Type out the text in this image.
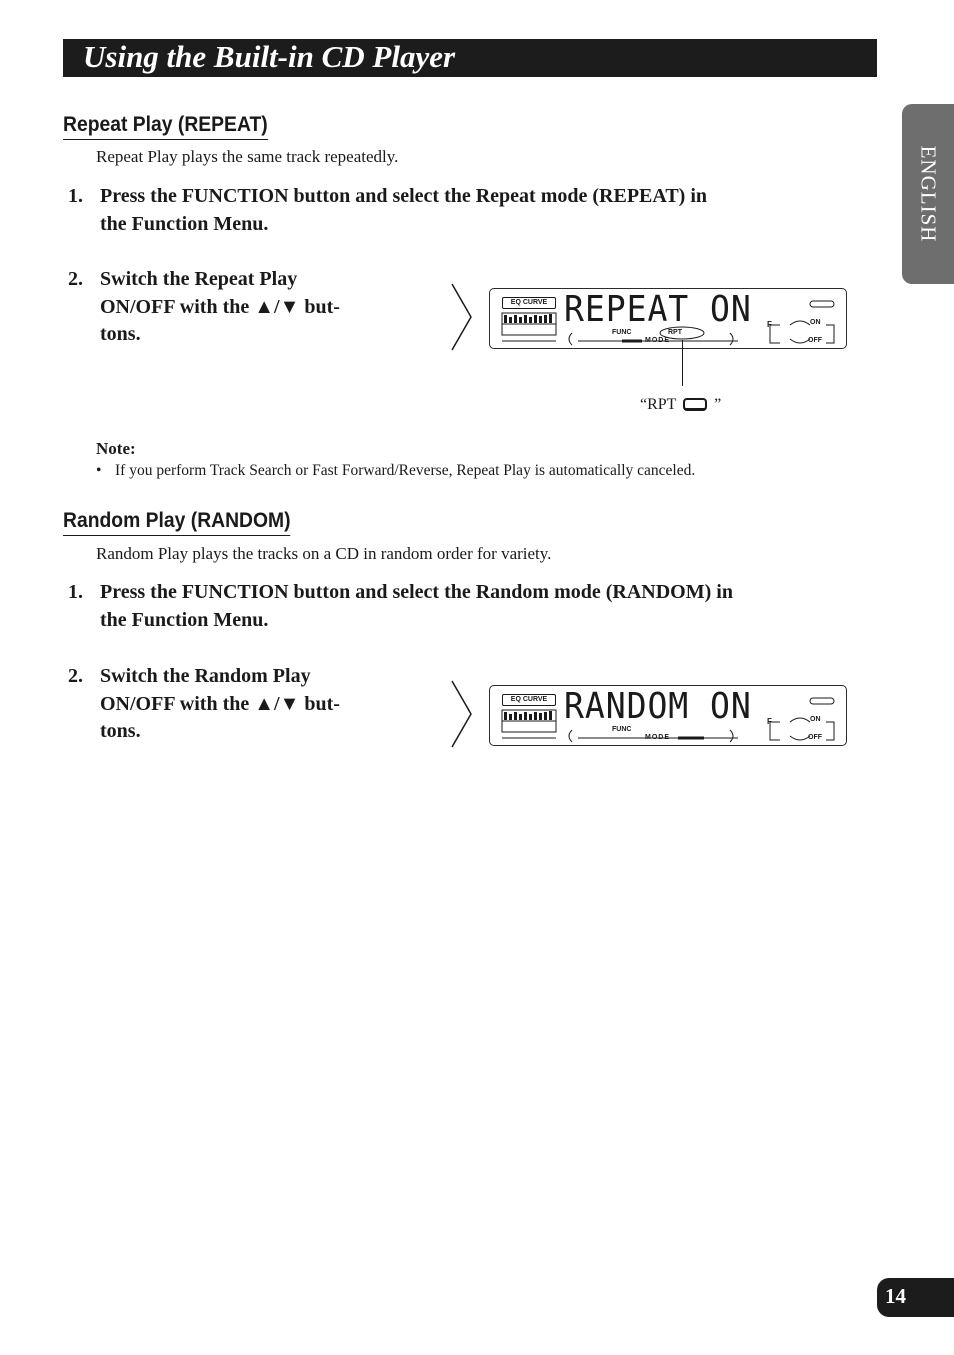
Using the Built-in CD Player
ENGLISH
Repeat Play (REPEAT)
Repeat Play plays the same track repeatedly.
1. Press the FUNCTION button and select the Repeat mode (REPEAT) in
the Function Menu.
2. Switch the Repeat Play
ON/OFF with the ▲/▼ but-
tons.
EQ CURVE REPEAT ON
FUNC
MODE
RPT
F	ON
OFF
“RPT ”
Note:
• If you perform Track Search or Fast Forward/Reverse, Repeat Play is automatically canceled.
Random Play (RANDOM)
Random Play plays the tracks on a CD in random order for variety.
1. Press the FUNCTION button and select the Random mode (RANDOM) in
the Function Menu.
2. Switch the Random Play
ON/OFF with the ▲/▼ but-
tons.
EQ CURVE RANDOM ON
FUNC
MODE
F	ON
OFF
14
